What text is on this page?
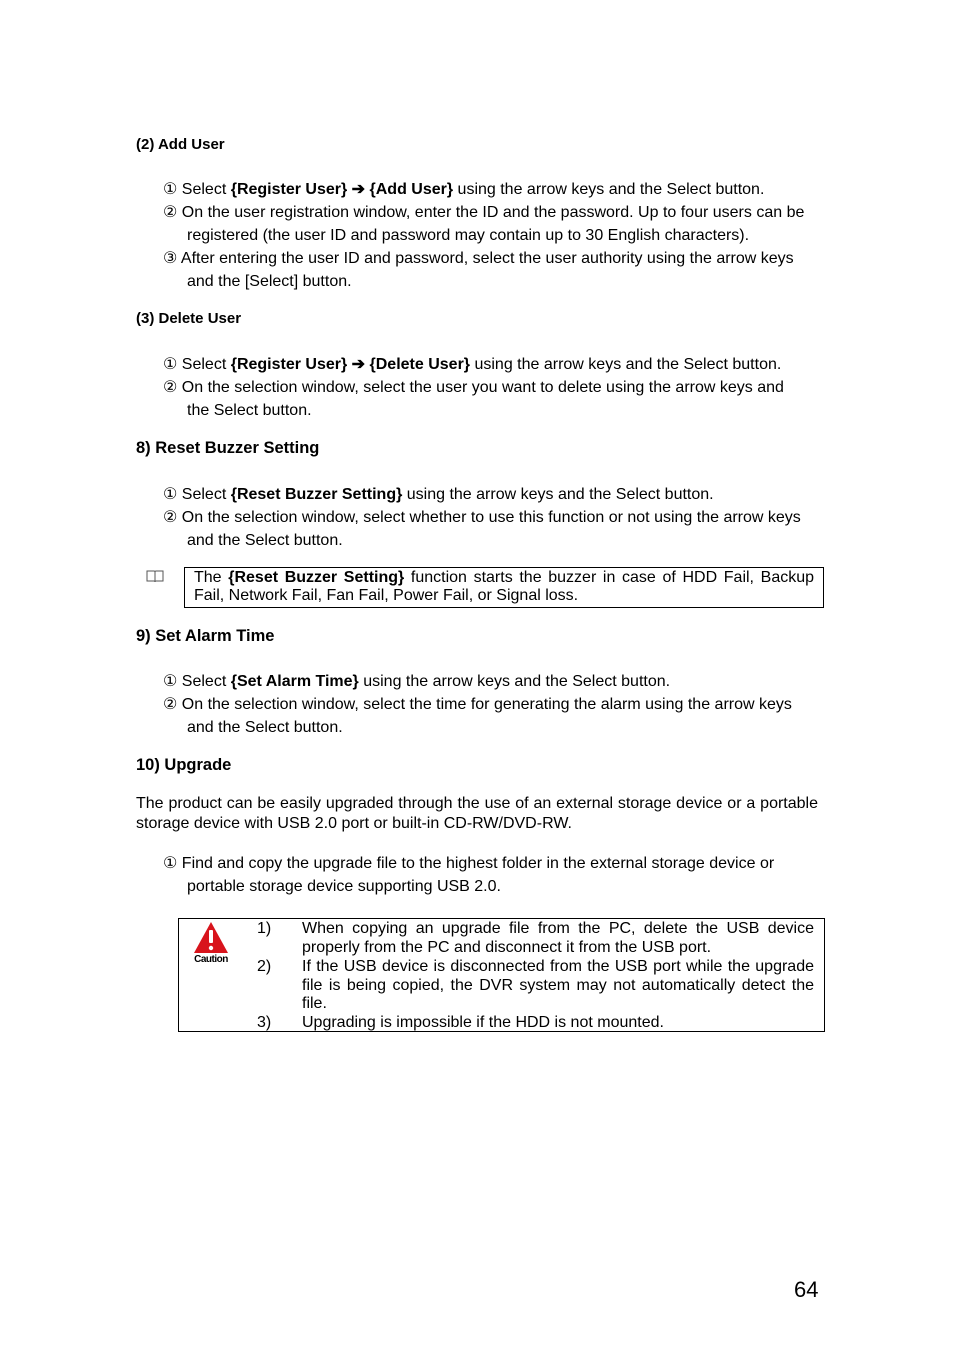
(2) Add User
① Select {Register User} ➔ {Add User} using the arrow keys and the Select button.
② On the user registration window, enter the ID and the password. Up to four users can be
registered (the user ID and password may contain up to 30 English characters).
③ After entering the user ID and password, select the user authority using the arrow keys
and the [Select] button.
(3) Delete User
① Select {Register User} ➔ {Delete User} using the arrow keys and the Select button.
② On the selection window, select the user you want to delete using the arrow keys and
the Select button.
8) Reset Buzzer Setting
① Select {Reset Buzzer Setting} using the arrow keys and the Select button.
② On the selection window, select whether to use this function or not using the arrow keys
and the Select button.
The {Reset Buzzer Setting} function starts the buzzer in case of HDD Fail, Backup Fail, Network Fail, Fan Fail, Power Fail, or Signal loss.
9) Set Alarm Time
① Select {Set Alarm Time} using the arrow keys and the Select button.
② On the selection window, select the time for generating the alarm using the arrow keys
and the Select button.
10) Upgrade
The product can be easily upgraded through the use of an external storage device or a portable storage device with USB 2.0 port or built-in CD-RW/DVD-RW.
① Find and copy the upgrade file to the highest folder in the external storage device or
portable storage device supporting USB 2.0.
Caution
1) When copying an upgrade file from the PC, delete the USB device properly from the PC and disconnect it from the USB port.
2) If the USB device is disconnected from the USB port while the upgrade file is being copied, the DVR system may not automatically detect the file.
3) Upgrading is impossible if the HDD is not mounted.
64
